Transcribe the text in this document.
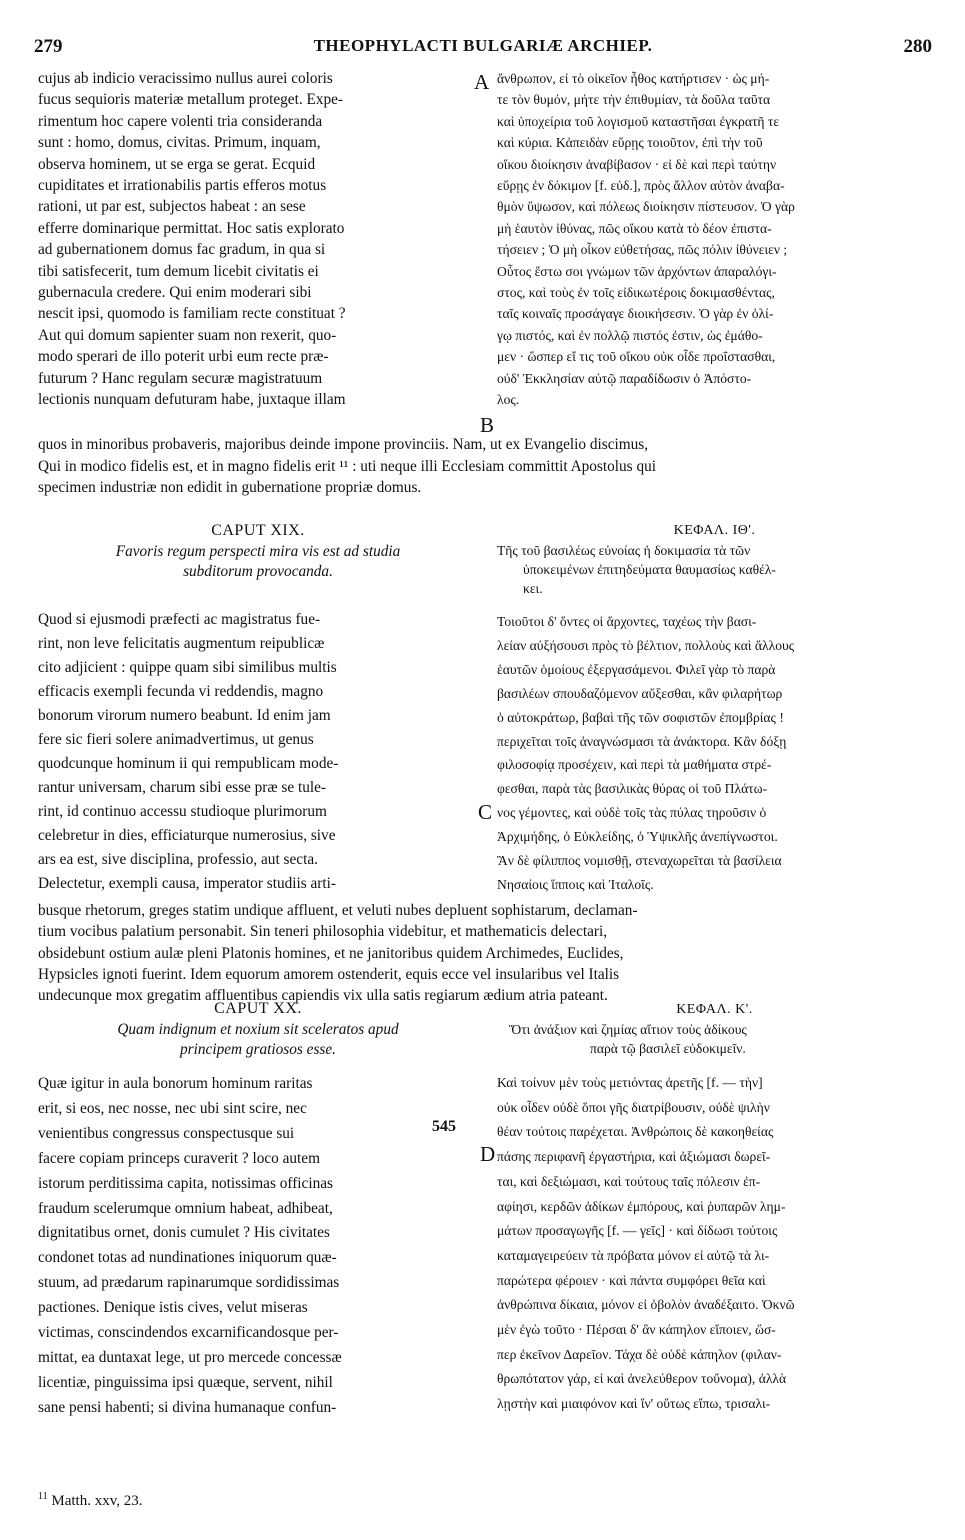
279	THEOPHYLACTI BULGARIÆ ARCHIEP.	280
cujus ab indicio veracissimo nullus aurei coloris
fucus sequioris materiæ metallum proteget. Expe-
rimentum hoc capere volenti tria consideranda
sunt : homo, domus, civitas. Primum, inquam,
observa hominem, ut se erga se gerat. Ecquid
cupiditates et irrationabilis partis efferos motus
rationi, ut par est, subjectos habeat : an sese
efferre dominarique permittat. Hoc satis explorato
ad gubernationem domus fac gradum, in qua si
tibi satisfecerit, tum demum licebit civitatis ei
gubernacula credere. Qui enim moderari sibi
nescit ipsi, quomodo is familiam recte constituat ?
Aut qui domum sapienter suam non rexerit, quo-
modo sperari de illo poterit urbi eum recte præ-
futurum ? Hanc regulam securæ magistratuum
lectionis nunquam defuturam habe, juxtaque illam
ἄνθρωπον, εἰ τὸ οἰκεῖον ἦθος κατήρτισεν · ὡς μή-
τε τὸν θυμόν, μήτε τὴν ἐπιθυμίαν, τὰ δοῦλα ταῦτα
καὶ ὑποχείρια τοῦ λογισμοῦ καταστῆσαι ἐγκρατῆ τε
καὶ κύρια. Κἀπειδὰν εὕρῃς τοιοῦτον, ἐπὶ τὴν τοῦ
οἴκου διοίκησιν ἀναβίβασον · εἰ δὲ καὶ περὶ ταύτην
εὕρῃς ἐν δόκιμον [f. εὐδ.], πρὸς ἄλλον αὐτὸν ἀναβα-
θμὸν ὕψωσον, καὶ πόλεως διοίκησιν πίστευσον. Ὁ γὰρ
μὴ ἑαυτὸν ἰθύνας, πῶς οἴκου κατὰ τὸ δέον ἐπιστα-
τήσειεν ; Ὁ μὴ οἶκον εὐθετήσας, πῶς πόλιν ἰθύνειεν ;
Οὗτος ἔστω σοι γνώμων τῶν ἀρχόντων ἀπαραλόγι-
στος, καὶ τοὺς ἐν τοῖς εἰδικωτέροις δοκιμασθέντας,
ταῖς κοιναῖς προσάγαγε διοικήσεσιν. Ὁ γὰρ ἐν ὀλί-
γῳ πιστός, καὶ ἐν πολλῷ πιστός ἐστιν, ὡς ἐμάθο-
μεν · ὥσπερ εἴ τις τοῦ οἴκου οὐκ οἶδε προΐστασθαι,
οὐδ' Ἐκκλησίαν αὐτῷ παραδίδωσιν ὁ Ἀπόστο-
λος.
A
B
quos in minoribus probaveris, majoribus deinde impone provinciis. Nam, ut ex Evangelio discimus,
Qui in modico fidelis est, et in magno fidelis erit ¹¹ : uti neque illi Ecclesiam committit Apostolus qui
specimen industriæ non edidit in gubernatione propriæ domus.
CAPUT XIX.	ΚΕΦΑΛ. ΙΘ'.
Favoris regum perspecti mira vis est ad studia
subditorum provocanda.
Τῆς τοῦ βασιλέως εὐνοίας ἡ δοκιμασία τὰ τῶν
ὑποκειμένων ἐπιτηδεύματα θαυμασίως καθέλ-
κει.
Quod si ejusmodi præfecti ac magistratus fue-
rint, non leve felicitatis augmentum reipublicæ
cito adjicient : quippe quam sibi similibus multis
efficacis exempli fecunda vi reddendis, magno
bonorum virorum numero beabunt. Id enim jam
fere sic fieri solere animadvertimus, ut genus
quodcunque hominum ii qui rempublicam mode-
rantur universam, charum sibi esse præ se tule-
rint, id continuo accessu studioque plurimorum
celebretur in dies, efficiaturque numerosius, sive
ars ea est, sive disciplina, professio, aut secta.
Delectetur, exempli causa, imperator studiis arti-
Τοιοῦτοι δ' ὄντες οἱ ἄρχοντες, ταχέως τὴν βασι-
λείαν αὐξήσουσι πρὸς τὸ βέλτιον, πολλοὺς καὶ ἄλλους
ἑαυτῶν ὁμοίους ἐξεργασάμενοι. Φιλεῖ γὰρ τὸ παρὰ
βασιλέων σπουδαζόμενον αὔξεσθαι, κἂν φιλαρήτωρ
ὁ αὐτοκράτωρ, βαβαὶ τῆς τῶν σοφιστῶν ἐπομβρίας !
περιχεῖται τοῖς ἀναγνώσμασι τὰ ἀνάκτορα. Κἂν δόξῃ
φιλοσοφίᾳ προσέχειν, καὶ περὶ τὰ μαθήματα στρέ-
φεσθαι, παρὰ τὰς βασιλικὰς θύρας οἱ τοῦ Πλάτω-
νος γέμοντες, καὶ οὐδὲ τοῖς τὰς πύλας τηροῦσιν ὁ
Ἀρχιμήδης, ὁ Εὐκλείδης, ὁ Ὑψικλῆς ἀνεπίγνωστοι.
Ἂν δὲ φίλιππος νομισθῇ, στεναχωρεῖται τὰ βασίλεια
Νησαίοις ἵπποις καὶ Ἰταλοῖς.
C
busque rhetorum, greges statim undique affluent, et veluti nubes depluent sophistarum, declaman-
tium vocibus palatium personabit. Sin teneri philosophia videbitur, et mathematicis delectari,
obsidebunt ostium aulæ pleni Platonis homines, et ne janitoribus quidem Archimedes, Euclides,
Hypsicles ignoti fuerint. Idem equorum amorem ostenderit, equis ecce vel insularibus vel Italis
undecunque mox gregatim affluentibus capiendis vix ulla satis regiarum ædium atria pateant.
CAPUT XX.	ΚΕΦΑΛ. Κ'.
Quam indignum et noxium sit sceleratos apud
principem gratiosos esse.
Ὅτι ἀνάξιον καὶ ζημίας αἴτιον τοὺς ἀδίκους
παρὰ τῷ βασιλεῖ εὐδοκιμεῖν.
Quæ igitur in aula bonorum hominum raritas
erit, si eos, nec nosse, nec ubi sint scire, nec
venientibus congressus conspectusque sui
facere copiam princeps curaverit ? loco autem
istorum perditissima capita, notissimas officinas
fraudum scelerumque omnium habeat, adhibeat,
dignitatibus ornet, donis cumulet ? His civitates
condonet totas ad nundinationes iniquorum quæ-
stuum, ad prædarum rapinarumque sordidissimas
pactiones. Denique istis cives, velut miseras
victimas, conscindendos excarnificandosque per-
mittat, ea duntaxat lege, ut pro mercede concessæ
licentiæ, pinguissima ipsi quæque, servent, nihil
sane pensi habenti; si divina humanaque confun-
Καὶ τοίνυν μὲν τοὺς μετιόντας ἀρετῆς [f. — τὴν]
οὐκ οἶδεν οὐδὲ ὅποι γῆς διατρίβουσιν, οὐδὲ ψιλὴν
θέαν τούτοις παρέχεται. Ἀνθρώποις δὲ κακοηθείας
πάσης περιφανῆ ἐργαστήρια, καὶ ἀξιώμασι δωρεῖ-
ται, καὶ δεξιώμασι, καὶ τούτους ταῖς πόλεσιν ἐπ-
αφίησι, κερδῶν ἀδίκων ἐμπόρους, καὶ ῥυπαρῶν λημ-
μάτων προσαγωγῆς [f. — γεῖς] · καὶ δίδωσι τούτοις
καταμαγειρεύειν τὰ πρόβατα μόνον εἰ αὐτῷ τὰ λι-
παρώτερα φέροιεν · καὶ πάντα συμφόρει θεῖα καὶ
ἀνθρώπινα δίκαια, μόνον εἰ ὀβολὸν ἀναδέξαιτο. Ὀκνῶ
μὲν ἐγὼ τοῦτο · Πέρσαι δ' ἂν κάπηλον εἴποιεν, ὥσ-
περ ἐκεῖνον Δαρεῖον. Τάχα δὲ οὐδὲ κάπηλον (φιλαν-
θρωπότατον γάρ, εἰ καὶ ἀνελεύθερον τοὔνομα), ἀλλὰ
λῃστὴν καὶ μιαιφόνον καὶ ἵν' οὕτως εἴπω, τρισαλι-
D
545
$^{11}$ Matth. xxv, 23.
